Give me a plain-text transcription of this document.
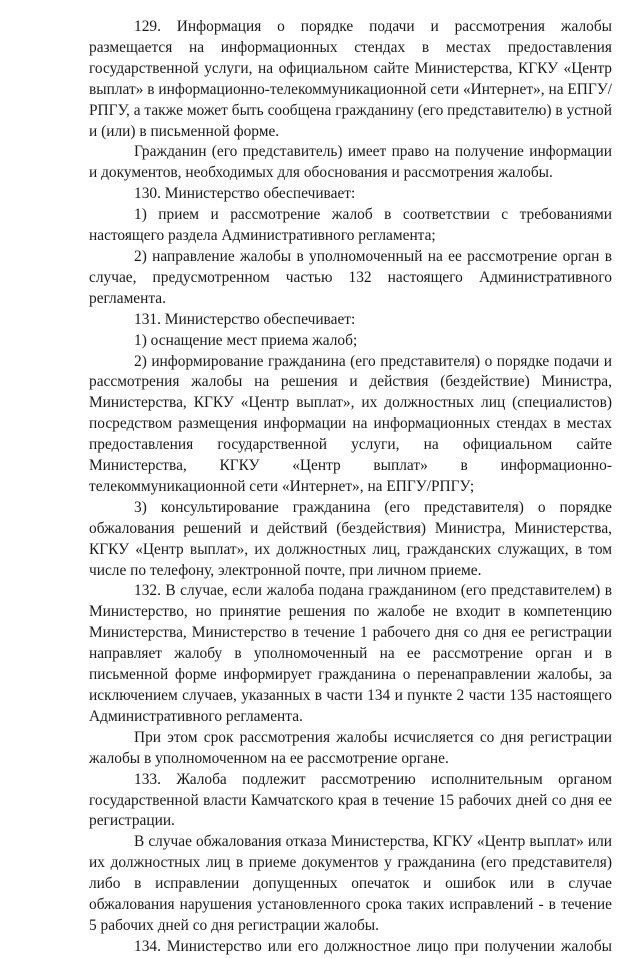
129. Информация о порядке подачи и рассмотрения жалобы размещается на информационных стендах в местах предоставления государственной услуги, на официальном сайте Министерства, КГКУ «Центр выплат» в информационно-телекоммуникационной сети «Интернет», на ЕПГУ/РПГУ, а также может быть сообщена гражданину (его представителю) в устной и (или) в письменной форме.

Гражданин (его представитель) имеет право на получение информации и документов, необходимых для обоснования и рассмотрения жалобы.

130. Министерство обеспечивает:

1) прием и рассмотрение жалоб в соответствии с требованиями настоящего раздела Административного регламента;

2) направление жалобы в уполномоченный на ее рассмотрение орган в случае, предусмотренном частью 132 настоящего Административного регламента.

131. Министерство обеспечивает:

1) оснащение мест приема жалоб;

2) информирование гражданина (его представителя) о порядке подачи и рассмотрения жалобы на решения и действия (бездействие) Министра, Министерства, КГКУ «Центр выплат», их должностных лиц (специалистов) посредством размещения информации на информационных стендах в местах предоставления государственной услуги, на официальном сайте Министерства, КГКУ «Центр выплат» в информационно-телекоммуникационной сети «Интернет», на ЕПГУ/РПГУ;

3) консультирование гражданина (его представителя) о порядке обжалования решений и действий (бездействия) Министра, Министерства, КГКУ «Центр выплат», их должностных лиц, гражданских служащих, в том числе по телефону, электронной почте, при личном приеме.

132. В случае, если жалоба подана гражданином (его представителем) в Министерство, но принятие решения по жалобе не входит в компетенцию Министерства, Министерство в течение 1 рабочего дня со дня ее регистрации направляет жалобу в уполномоченный на ее рассмотрение орган и в письменной форме информирует гражданина о перенаправлении жалобы, за исключением случаев, указанных в части 134 и пункте 2 части 135 настоящего Административного регламента.

При этом срок рассмотрения жалобы исчисляется со дня регистрации жалобы в уполномоченном на ее рассмотрение органе.

133. Жалоба подлежит рассмотрению исполнительным органом государственной власти Камчатского края в течение 15 рабочих дней со дня ее регистрации.

В случае обжалования отказа Министерства, КГКУ «Центр выплат» или их должностных лиц в приеме документов у гражданина (его представителя) либо в исправлении допущенных опечаток и ошибок или в случае обжалования нарушения установленного срока таких исправлений - в течение 5 рабочих дней со дня регистрации жалобы.

134. Министерство или его должностное лицо при получении жалобы
